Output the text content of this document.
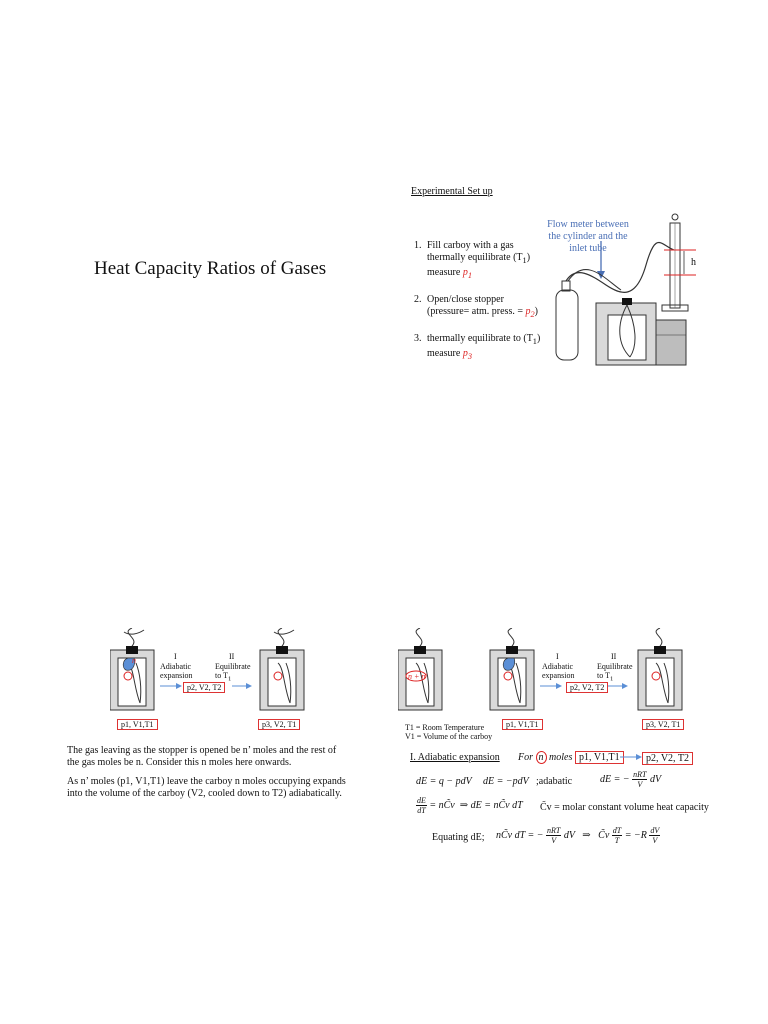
Heat Capacity Ratios of Gases
Experimental Set up
1. Fill carboy with a gas
thermally equilibrate $(T_1)$
measure $p_1$
2. Open/close stopper
(pressure= atm. press. = $p_2$)
3. thermally equilibrate to $(T_1)$
measure $p_3$
Flow meter between the cylinder and the inlet tube
h
n	I
Adiabatic
expansion
II
Equilibrate
to $T_1$
p2, V2, T2
p1, V1,T1	p3, V2, T1
The gas leaving as the stopper is opened be n’ moles and the rest of the gas moles be n. Consider this n moles here onwards.
As n’ moles (p1, V1,T1) leave the carboy n moles occupying expands into the volume of the carboy (V2, cooled down to T2) adiabatically.
n + n'
I
Adiabatic
expansion
II
Equilibrate
to $T_1$
p2, V2, T2
p1, V1,T1	p3, V2, T1
T1 = Room Temperature
V1 = Volume of the carboy
I. Adiabatic expansion For n moles p1, V1,T1	p2, V2, T2
dE = q − pdV dE = −pdV ;adabatic	dE = − $\frac{\text{nRT}}{V}$ dV
$\frac{dE}{dT}$ = nC̃v  ⇒ dE = nC̃v dT C̃v = molar constant volume heat capacity
Equating dE; nC̃v dT = − $\frac{\text{nRT}}{V}$ dV   ⇒   C̃v $\frac{dT}{T} = -R \frac{dV}{V}$
